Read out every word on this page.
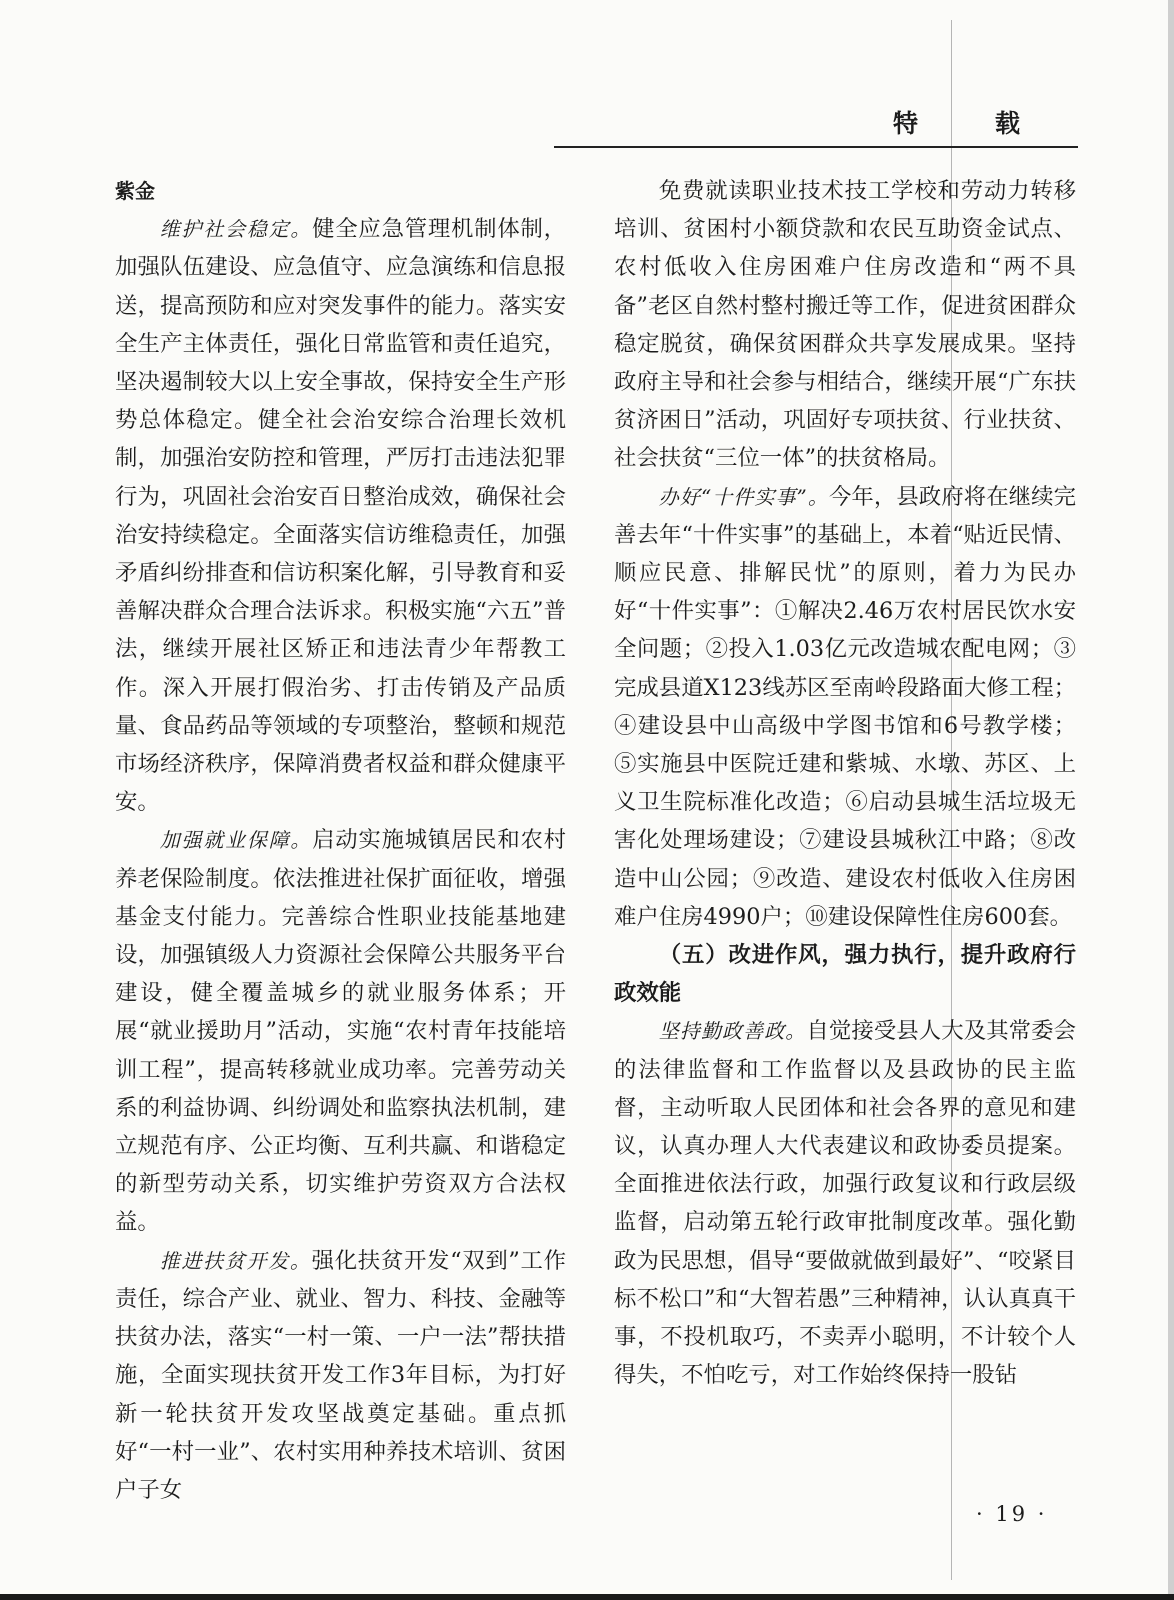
特　载

紫金

维护社会稳定。健全应急管理机制体制，加强队伍建设、应急值守、应急演练和信息报送，提高预防和应对突发事件的能力。落实安全生产主体责任，强化日常监管和责任追究，坚决遏制较大以上安全事故，保持安全生产形势总体稳定。健全社会治安综合治理长效机制，加强治安防控和管理，严厉打击违法犯罪行为，巩固社会治安百日整治成效，确保社会治安持续稳定。全面落实信访维稳责任，加强矛盾纠纷排查和信访积案化解，引导教育和妥善解决群众合理合法诉求。积极实施“六五”普法，继续开展社区矫正和违法青少年帮教工作。深入开展打假治劣、打击传销及产品质量、食品药品等领域的专项整治，整顿和规范市场经济秩序，保障消费者权益和群众健康平安。

加强就业保障。启动实施城镇居民和农村养老保险制度。依法推进社保扩面征收，增强基金支付能力。完善综合性职业技能基地建设，加强镇级人力资源社会保障公共服务平台建设，健全覆盖城乡的就业服务体系；开展“就业援助月”活动，实施“农村青年技能培训工程”，提高转移就业成功率。完善劳动关系的利益协调、纠纷调处和监察执法机制，建立规范有序、公正均衡、互利共赢、和谐稳定的新型劳动关系，切实维护劳资双方合法权益。

推进扶贫开发。强化扶贫开发“双到”工作责任，综合产业、就业、智力、科技、金融等扶贫办法，落实“一村一策、一户一法”帮扶措施，全面实现扶贫开发工作3年目标，为打好新一轮扶贫开发攻坚战奠定基础。重点抓好“一村一业”、农村实用种养技术培训、贫困户子女

免费就读职业技术技工学校和劳动力转移培训、贫困村小额贷款和农民互助资金试点、农村低收入住房困难户住房改造和“两不具备”老区自然村整村搬迁等工作，促进贫困群众稳定脱贫，确保贫困群众共享发展成果。坚持政府主导和社会参与相结合，继续开展“广东扶贫济困日”活动，巩固好专项扶贫、行业扶贫、社会扶贫“三位一体”的扶贫格局。

办好“十件实事”。今年，县政府将在继续完善去年“十件实事”的基础上，本着“贴近民情、顺应民意、排解民忧”的原则，着力为民办好“十件实事”：①解决2.46万农村居民饮水安全问题；②投入1.03亿元改造城农配电网；③完成县道X123线苏区至南岭段路面大修工程；④建设县中山高级中学图书馆和6号教学楼；⑤实施县中医院迁建和紫城、水墩、苏区、上义卫生院标准化改造；⑥启动县城生活垃圾无害化处理场建设；⑦建设县城秋江中路；⑧改造中山公园；⑨改造、建设农村低收入住房困难户住房4990户；⑩建设保障性住房600套。

（五）改进作风，强力执行，提升政府行政效能

坚持勤政善政。自觉接受县人大及其常委会的法律监督和工作监督以及县政协的民主监督，主动听取人民团体和社会各界的意见和建议，认真办理人大代表建议和政协委员提案。全面推进依法行政，加强行政复议和行政层级监督，启动第五轮行政审批制度改革。强化勤政为民思想，倡导“要做就做到最好”、“咬紧目标不松口”和“大智若愚”三种精神，认认真真干事，不投机取巧，不卖弄小聪明，不计较个人得失，不怕吃亏，对工作始终保持一股钻

· 19 ·
